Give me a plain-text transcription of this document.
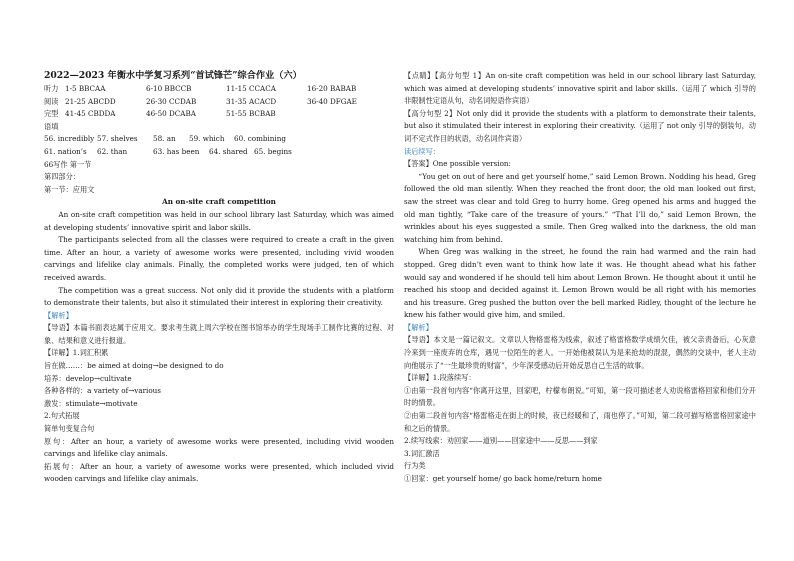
2022—2023 年衡水中学复习系列“首试锋芒”综合作业（六）

听力 1-5 BBCAA	6-10 BBCCB	11-15 CCACA	16-20 BABAB
阅读 21-25 ABCDD	26-30 CCDAB	31-35 ACACD	36-40 DFGAE
完型 41-45 CBDDA	46-50 DCABA	51-55 BCBAB

语填

56. incredibly 57. shelves 58. an 59. which 60. combining
61. nation’s 62. than	63. has been 64. shared 65. begins

66写作 第一节

第四部分：

第一节：应用文

An on-site craft competition

An on-site craft competition was held in our school library last Saturday, which was aimed at developing students’ innovative spirit and labor skills.

The participants selected from all the classes were required to create a craft in the given time. After an hour, a variety of awesome works were presented, including vivid wooden carvings and lifelike clay animals. Finally, the completed works were judged, ten of which received awards.

The competition was a great success. Not only did it provide the students with a platform to demonstrate their talents, but also it stimulated their interest in exploring their creativity.

【解析】

【导语】本篇书面表达属于应用文。要求考生就上周六学校在图书馆举办的学生现场手工制作比赛的过程、对象、结果和意义进行报道。

【详解】1.词汇积累

旨在做……：be aimed at doing→be designed to do

培养：develop→cultivate

各种各样的：a variety of→various

激发：stimulate→motivate

2.句式拓展

简单句变复合句

原句：After an hour, a variety of awesome works were presented, including vivid wooden carvings and lifelike clay animals.

拓展句：After an hour, a variety of awesome works were presented, which included vivid wooden carvings and lifelike clay animals.

【点睛】【高分句型 1】An on-site craft competition was held in our school library last Saturday, which was aimed at developing students’ innovative spirit and labor skills.（运用了 which 引导的非限制性定语从句，动名词短语作宾语）

【高分句型 2】Not only did it provide the students with a platform to demonstrate their talents, but also it stimulated their interest in exploring their creativity.（运用了 not only 引导的倒装句，动词不定式作目的状语，动名词作宾语）

读后续写：

【答案】One possible version:

“You get on out of here and get yourself home,” said Lemon Brown. Nodding his head, Greg followed the old man silently. When they reached the front door, the old man looked out first, saw the street was clear and told Greg to hurry home. Greg opened his arms and hugged the old man tightly, “Take care of the treasure of yours.” “That I’ll do,” said Lemon Brown, the wrinkles about his eyes suggested a smile. Then Greg walked into the darkness, the old man watching him from behind.

When Greg was walking in the street, he found the rain had warmed and the rain had stopped. Greg didn’t even want to think how late it was. He thought ahead what his father would say and wondered if he should tell him about Lemon Brown. He thought about it until he reached his stoop and decided against it. Lemon Brown would be all right with his memories and his treasure. Greg pushed the button over the bell marked Ridley, thought of the lecture he knew his father would give him, and smiled.

【解析】

【导语】本文是一篇记叙文。文章以人物格雷格为线索，叙述了格雷格数学成绩欠佳，被父亲责备后，心灰意冷来到一座废弃的仓库，遇见一位陌生的老人。一开始他被误认为是来抢劫的混混，偶然的交谈中，老人主动向他展示了“一生最珍贵的财富”，少年深受感动后开始反思自己生活的故事。

【详解】1.段落续写：

①由第一段首句内容“你离开这里，回家吧，柠檬布朗说。”可知，第一段可描述老人劝说格雷格回家和他们分开时的情景。

②由第二段首句内容“格雷格走在街上的时候，夜已经暖和了，雨也停了。”可知，第二段可描写格雷格回家途中和之后的情景。

2.续写线索：劝回家——道别——回家途中——反思——到家

3.词汇激活

行为类

①回家：get yourself home/ go back home/return home
